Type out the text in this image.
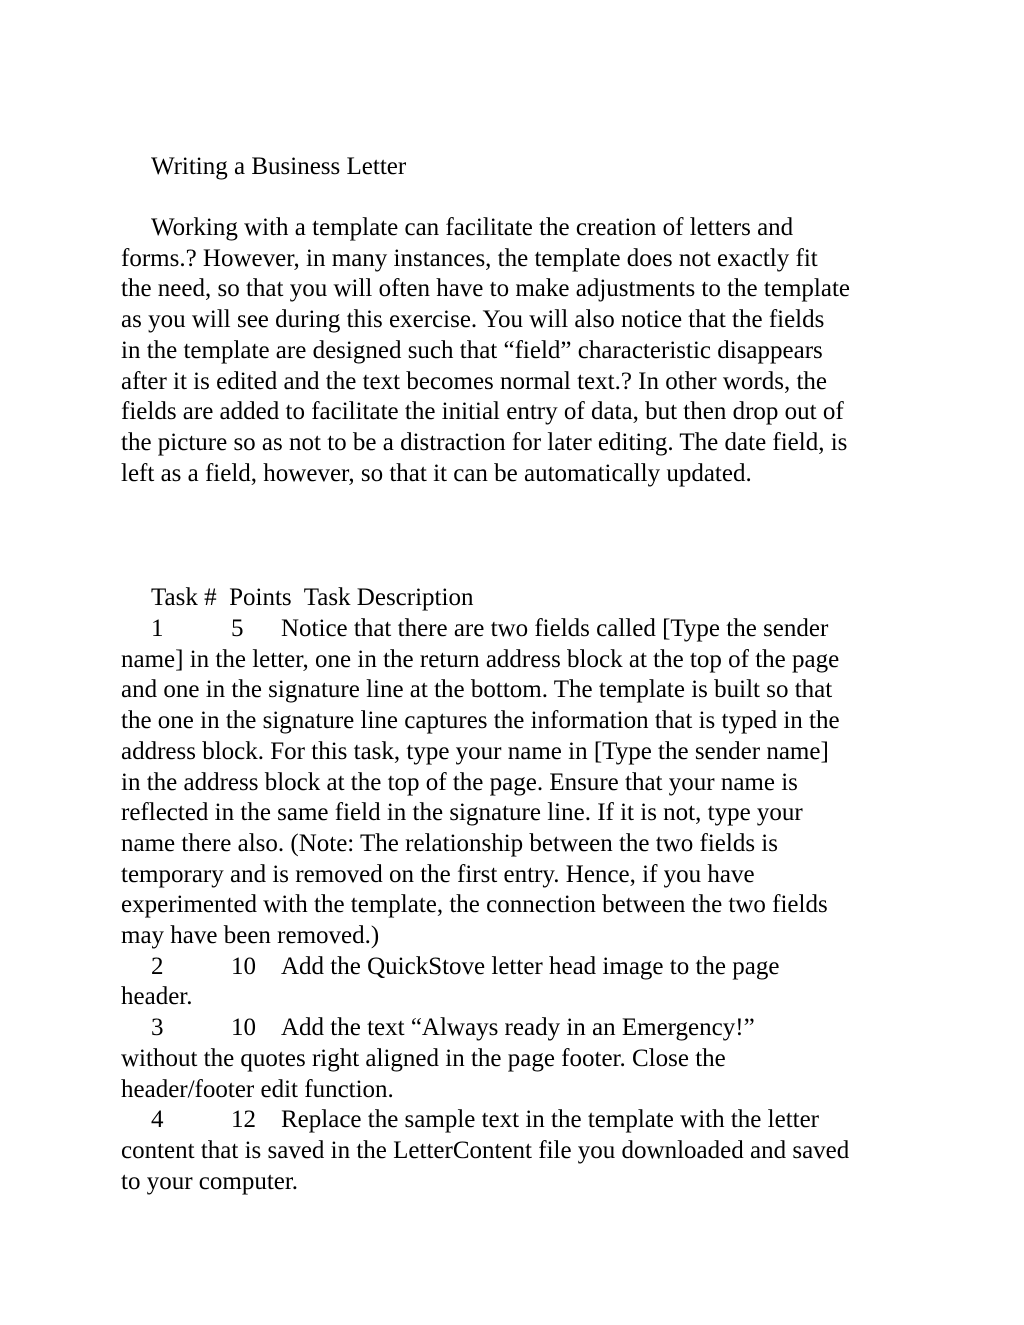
Writing a Business Letter

Working with a template can facilitate the creation of letters and
forms.? However, in many instances, the template does not exactly fit
the need, so that you will often have to make adjustments to the template
as you will see during this exercise. You will also notice that the fields
in the template are designed such that “field” characteristic disappears
after it is edited and the text becomes normal text.? In other words, the
fields are added to facilitate the initial entry of data, but then drop out of
the picture so as not to be a distraction for later editing. The date field, is
left as a field, however, so that it can be automatically updated.

Task # Points Task Description

1	5 Notice that there are two fields called [Type the sender
name] in the letter, one in the return address block at the top of the page
and one in the signature line at the bottom. The template is built so that
the one in the signature line captures the information that is typed in the
address block. For this task, type your name in [Type the sender name]
in the address block at the top of the page. Ensure that your name is
reflected in the same field in the signature line. If it is not, type your
name there also. (Note: The relationship between the two fields is
temporary and is removed on the first entry. Hence, if you have
experimented with the template, the connection between the two fields
may have been removed.)

2	10 Add the QuickStove letter head image to the page
header.

3	10 Add the text “Always ready in an Emergency!”
without the quotes right aligned in the page footer. Close the
header/footer edit function.

4	12 Replace the sample text in the template with the letter
content that is saved in the LetterContent file you downloaded and saved
to your computer.
